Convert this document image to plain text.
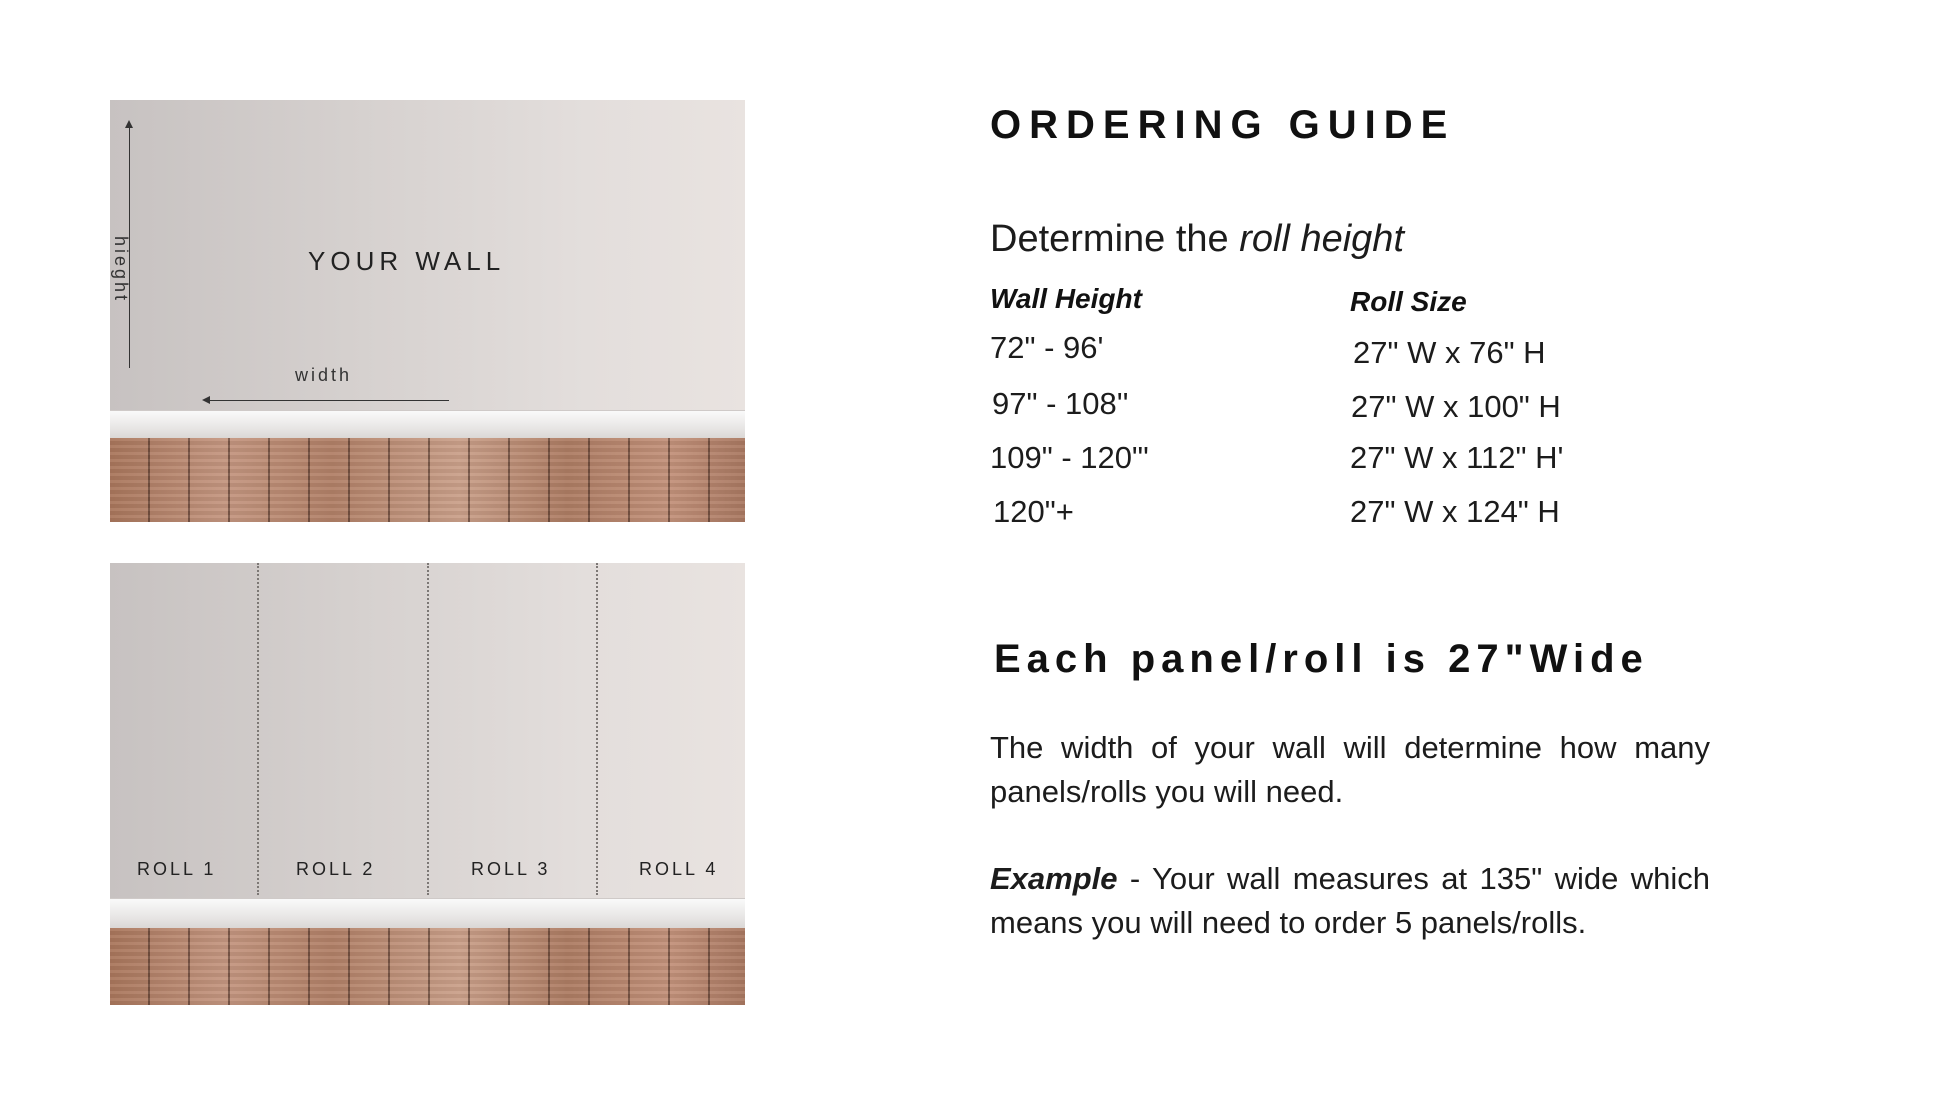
hieght	YOUR WALL
width
ROLL 1	ROLL 2	ROLL 3	ROLL 4
ORDERING GUIDE
Determine the roll height
Wall Height	Roll Size
72" - 96'	27" W x 76" H
97" - 108''	27" W x 100" H
109" - 120"'	27" W x 112" H'
120"+	27" W x 124" H
Each panel/roll is 27"Wide

The width of your wall will determine how many panels/rolls you will need.

Example - Your wall measures at 135" wide which means you will need to order 5 panels/rolls.
